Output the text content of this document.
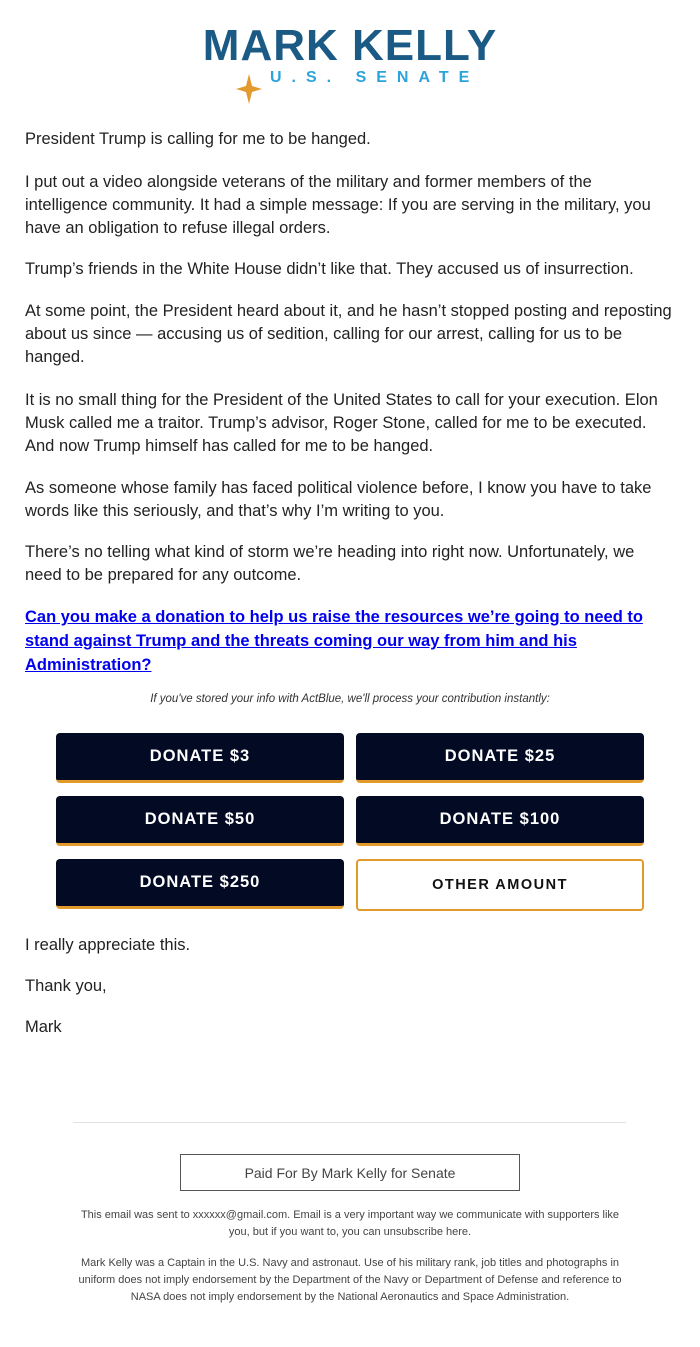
MARK KELLY
U.S. SENATE

President Trump is calling for me to be hanged.

I put out a video alongside veterans of the military and former members of the intelligence community. It had a simple message: If you are serving in the military, you have an obligation to refuse illegal orders.

Trump’s friends in the White House didn’t like that. They accused us of insurrection.

At some point, the President heard about it, and he hasn’t stopped posting and reposting about us since — accusing us of sedition, calling for our arrest, calling for us to be hanged.

It is no small thing for the President of the United States to call for your execution. Elon Musk called me a traitor. Trump’s advisor, Roger Stone, called for me to be executed. And now Trump himself has called for me to be hanged.

As someone whose family has faced political violence before, I know you have to take words like this seriously, and that’s why I’m writing to you.

There’s no telling what kind of storm we’re heading into right now. Unfortunately, we need to be prepared for any outcome.

Can you make a donation to help us raise the resources we’re going to need to stand against Trump and the threats coming our way from him and his Administration?
If you've stored your info with ActBlue, we'll process your contribution instantly:
DONATE $3	DONATE $25
DONATE $50	DONATE $100
DONATE $250	OTHER AMOUNT

I really appreciate this.

Thank you,

Mark

Paid For By Mark Kelly for Senate

This email was sent to xxxxxx@gmail.com. Email is a very important way we communicate with supporters like you, but if you want to, you can unsubscribe here.

Mark Kelly was a Captain in the U.S. Navy and astronaut. Use of his military rank, job titles and photographs in uniform does not imply endorsement by the Department of the Navy or Department of Defense and reference to NASA does not imply endorsement by the National Aeronautics and Space Administration.
